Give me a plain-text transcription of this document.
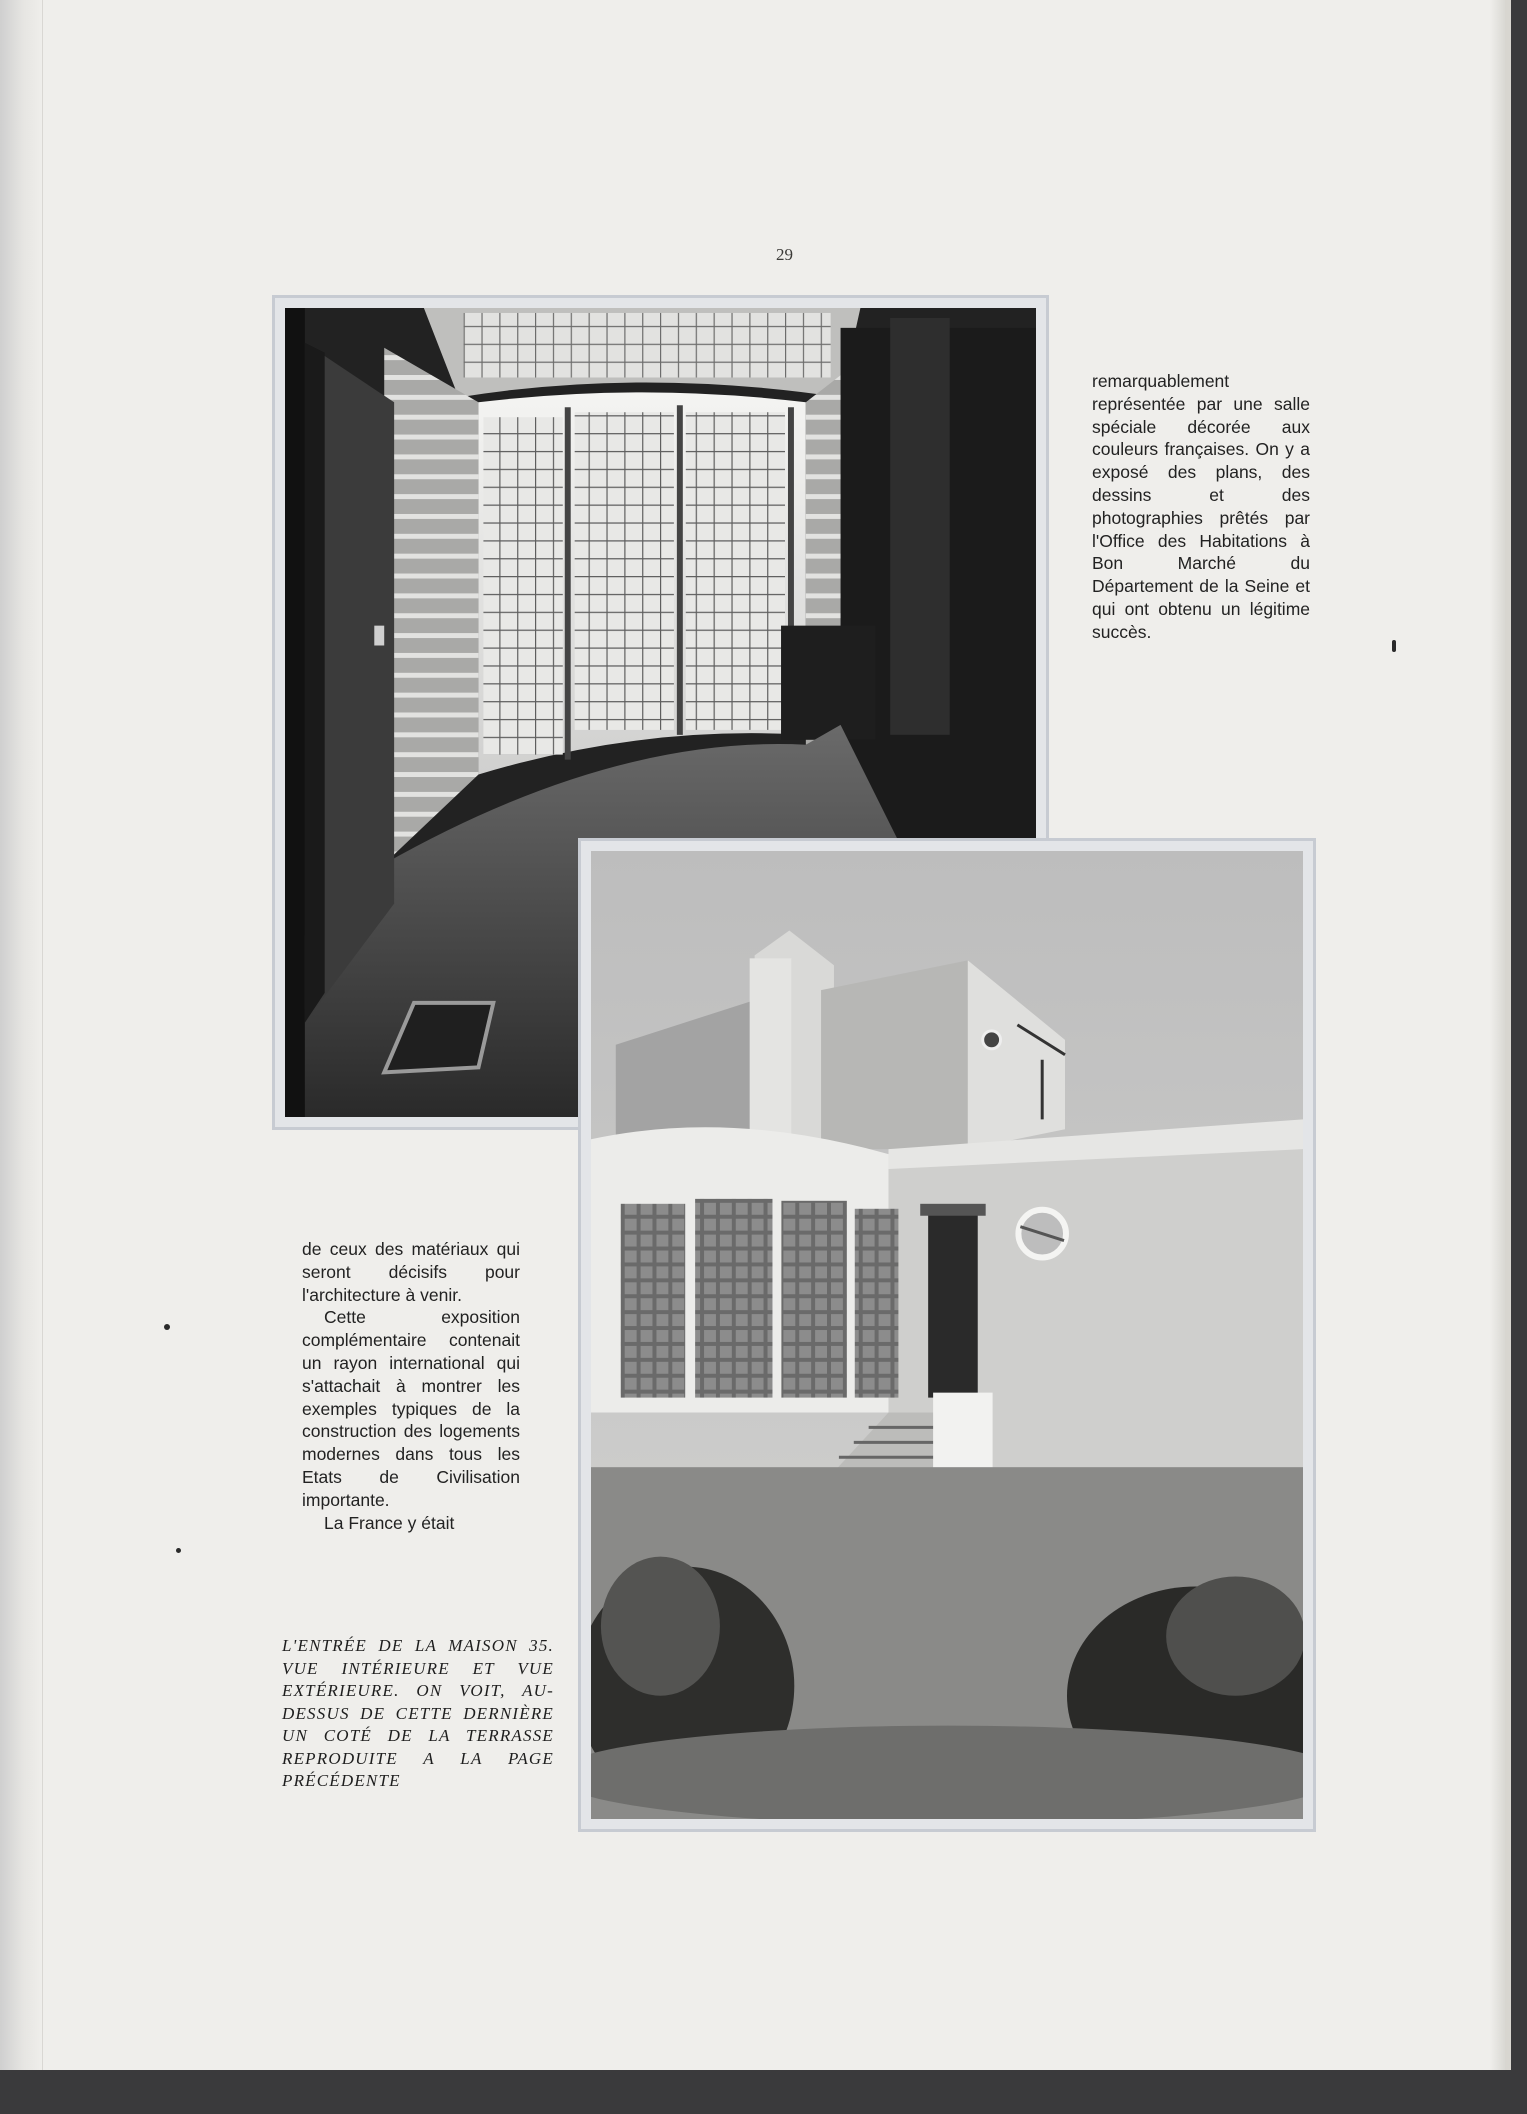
29

remarquablement représentée par une salle spéciale décorée aux couleurs françaises. On y a exposé des plans, des dessins et des photographies prêtés par l'Office des Habitations à Bon Marché du Département de la Seine et qui ont obtenu un légitime succès.

de ceux des matériaux qui seront décisifs pour l'architecture à venir.

Cette exposition complémentaire contenait un rayon international qui s'attachait à montrer les exemples typiques de la construction des logements modernes dans tous les Etats de Civilisation importante.

La France y était

L'ENTRÉE DE LA MAISON 35. VUE INTÉRIEURE ET VUE EXTÉRIEURE. ON VOIT, AU-DESSUS DE CETTE DERNIÈRE UN COTÉ DE LA TERRASSE REPRODUITE A LA PAGE PRÉCÉDENTE
